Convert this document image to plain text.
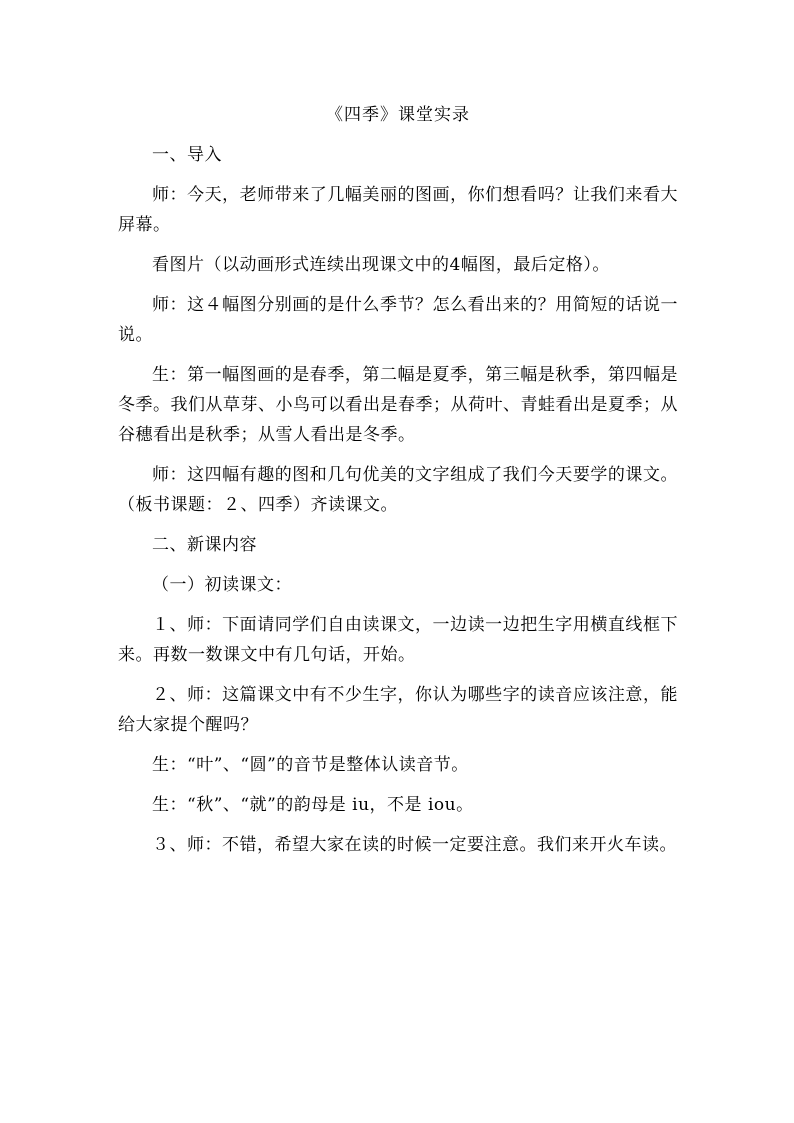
《四季》课堂实录

一、导入

师：今天，老师带来了几幅美丽的图画，你们想看吗？让我们来看大屏幕。

看图片（以动画形式连续出现课文中的4幅图，最后定格）。

师：这４幅图分别画的是什么季节？怎么看出来的？用简短的话说一说。

生：第一幅图画的是春季，第二幅是夏季，第三幅是秋季，第四幅是冬季。我们从草芽、小鸟可以看出是春季；从荷叶、青蛙看出是夏季；从谷穗看出是秋季；从雪人看出是冬季。

师：这四幅有趣的图和几句优美的文字组成了我们今天要学的课文。（板书课题：２、四季）齐读课文。

二、新课内容

（一）初读课文：

１、师：下面请同学们自由读课文，一边读一边把生字用横直线框下来。再数一数课文中有几句话，开始。

２、师：这篇课文中有不少生字，你认为哪些字的读音应该注意，能给大家提个醒吗？

生：“叶”、“圆”的音节是整体认读音节。

生：“秋”、“就”的韵母是 iu，不是 iou。

３、师：不错，希望大家在读的时候一定要注意。我们来开火车读。
